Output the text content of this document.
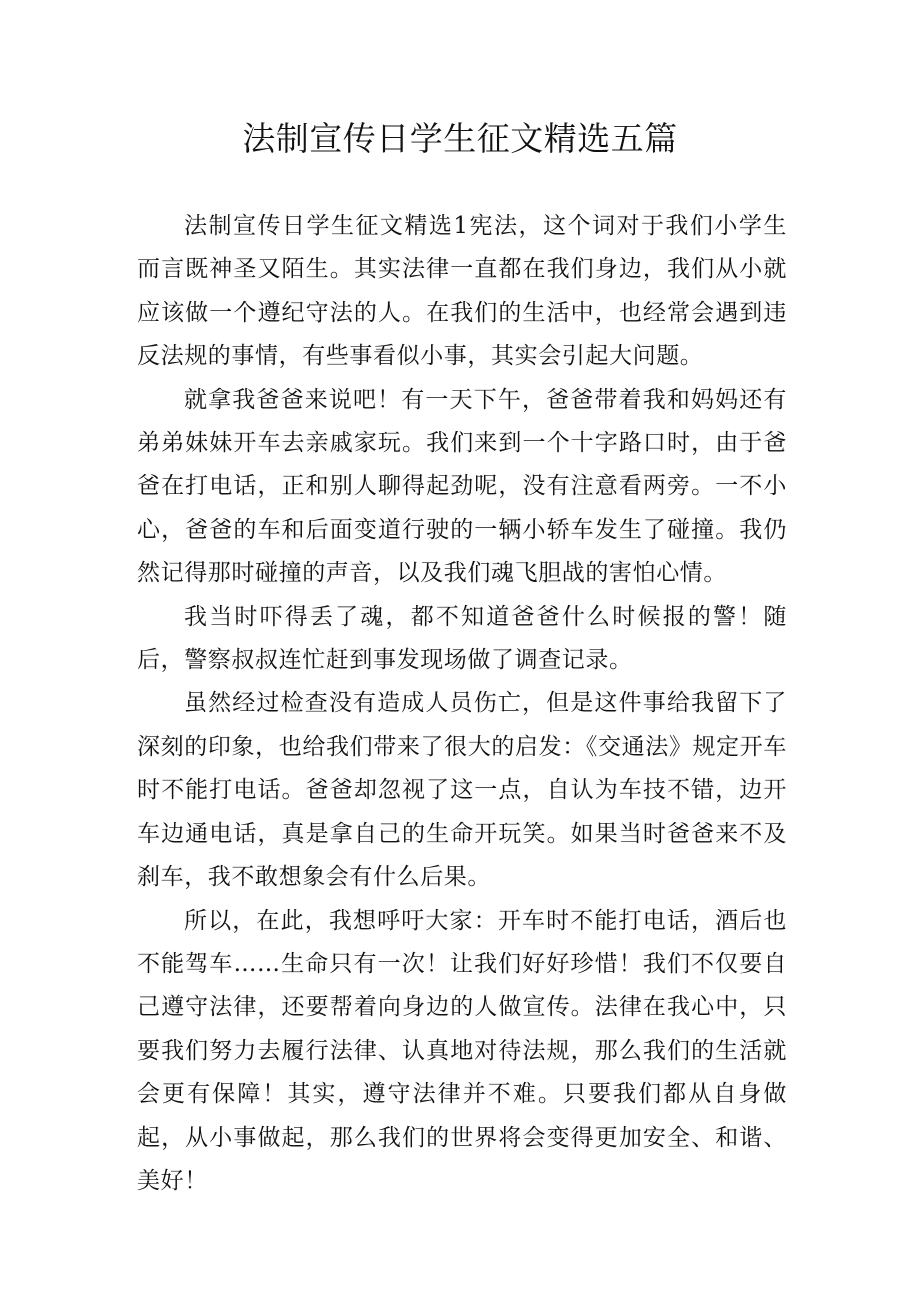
法制宣传日学生征文精选五篇

法制宣传日学生征文精选1宪法，这个词对于我们小学生而言既神圣又陌生。其实法律一直都在我们身边，我们从小就应该做一个遵纪守法的人。在我们的生活中，也经常会遇到违反法规的事情，有些事看似小事，其实会引起大问题。

就拿我爸爸来说吧！有一天下午，爸爸带着我和妈妈还有弟弟妹妹开车去亲戚家玩。我们来到一个十字路口时，由于爸爸在打电话，正和别人聊得起劲呢，没有注意看两旁。一不小心，爸爸的车和后面变道行驶的一辆小轿车发生了碰撞。我仍然记得那时碰撞的声音，以及我们魂飞胆战的害怕心情。

我当时吓得丢了魂，都不知道爸爸什么时候报的警！随后，警察叔叔连忙赶到事发现场做了调查记录。

虽然经过检查没有造成人员伤亡，但是这件事给我留下了深刻的印象，也给我们带来了很大的启发：《交通法》规定开车时不能打电话。爸爸却忽视了这一点，自认为车技不错，边开车边通电话，真是拿自己的生命开玩笑。如果当时爸爸来不及刹车，我不敢想象会有什么后果。

所以，在此，我想呼吁大家：开车时不能打电话，酒后也不能驾车……生命只有一次！让我们好好珍惜！我们不仅要自己遵守法律，还要帮着向身边的人做宣传。法律在我心中，只要我们努力去履行法律、认真地对待法规，那么我们的生活就会更有保障！其实，遵守法律并不难。只要我们都从自身做起，从小事做起，那么我们的世界将会变得更加安全、和谐、美好！
